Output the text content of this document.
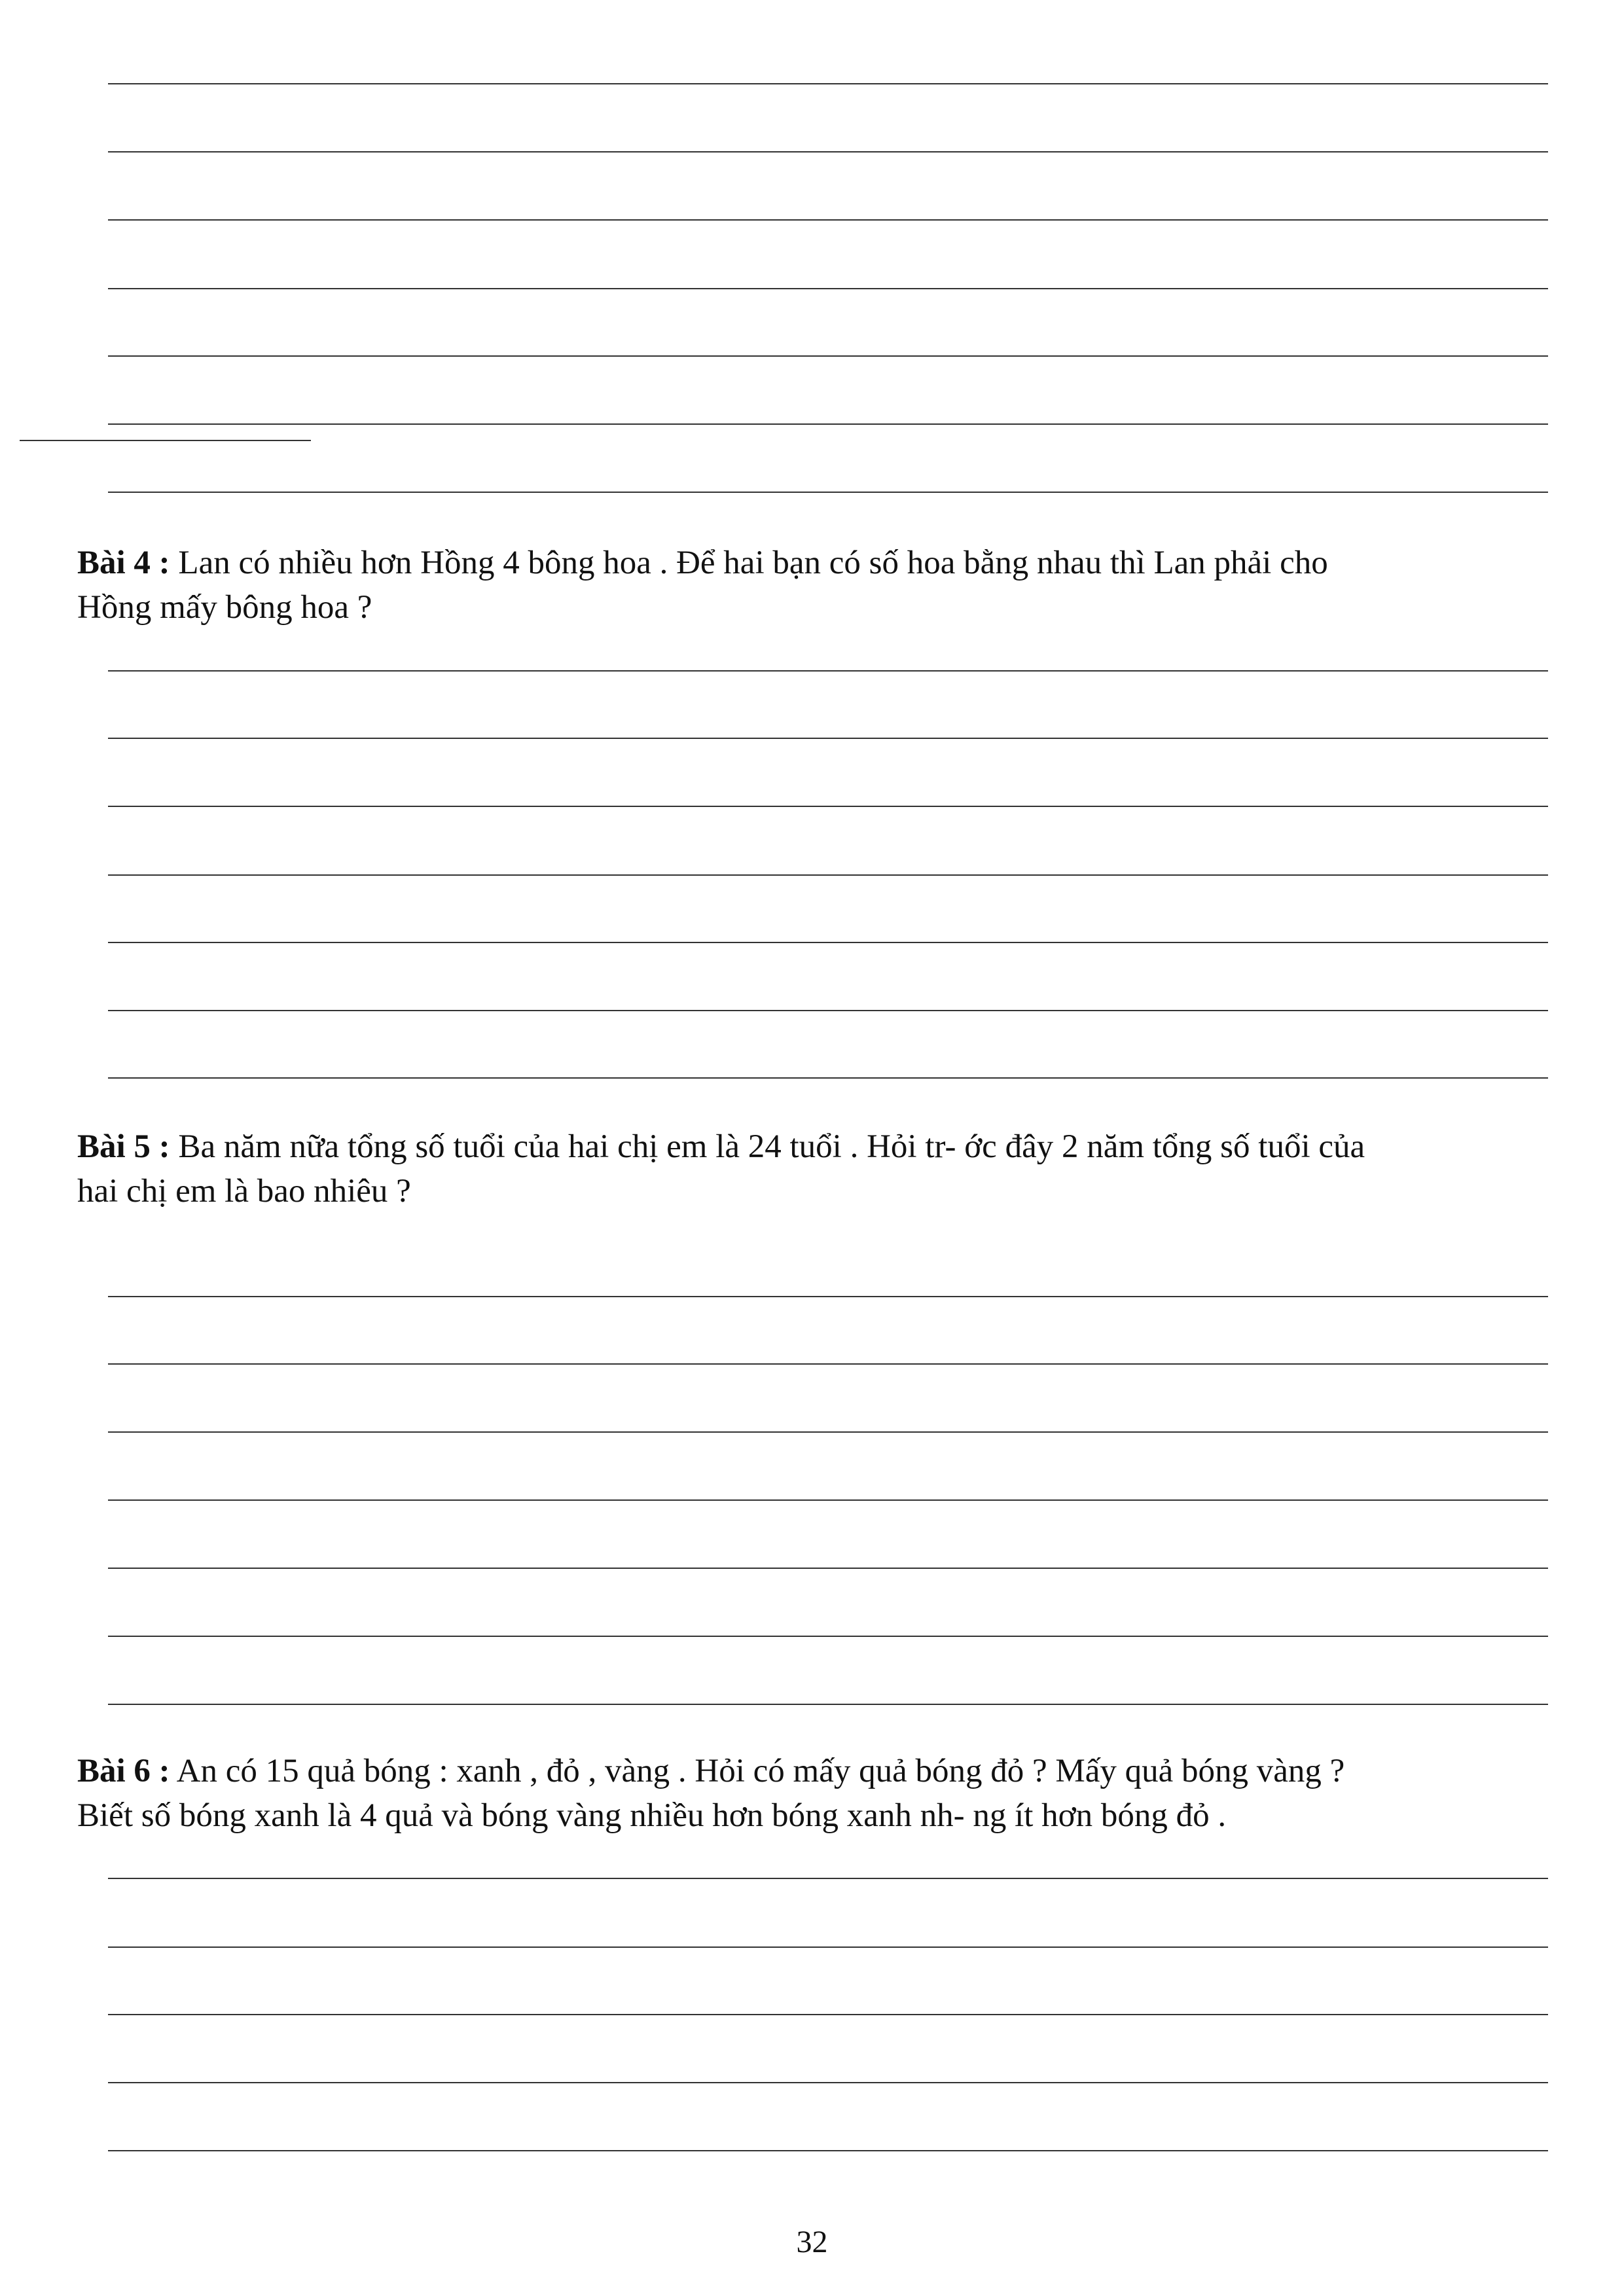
Bài 4 : Lan có nhiều hơn Hồng 4 bông hoa . Để hai bạn có số hoa bằng nhau thì Lan phải cho
Hồng mấy bông hoa ?
Bài 5 : Ba năm nữa tổng số tuổi của hai chị em là 24 tuổi . Hỏi tr- ớc đây 2 năm tổng số tuổi của
hai chị em là bao nhiêu ?
Bài 6 : An có 15 quả bóng : xanh , đỏ , vàng . Hỏi có mấy quả bóng đỏ ? Mấy quả bóng vàng ?
Biết số bóng xanh là 4 quả và bóng vàng nhiều hơn bóng xanh nh- ng ít hơn bóng đỏ .
32
